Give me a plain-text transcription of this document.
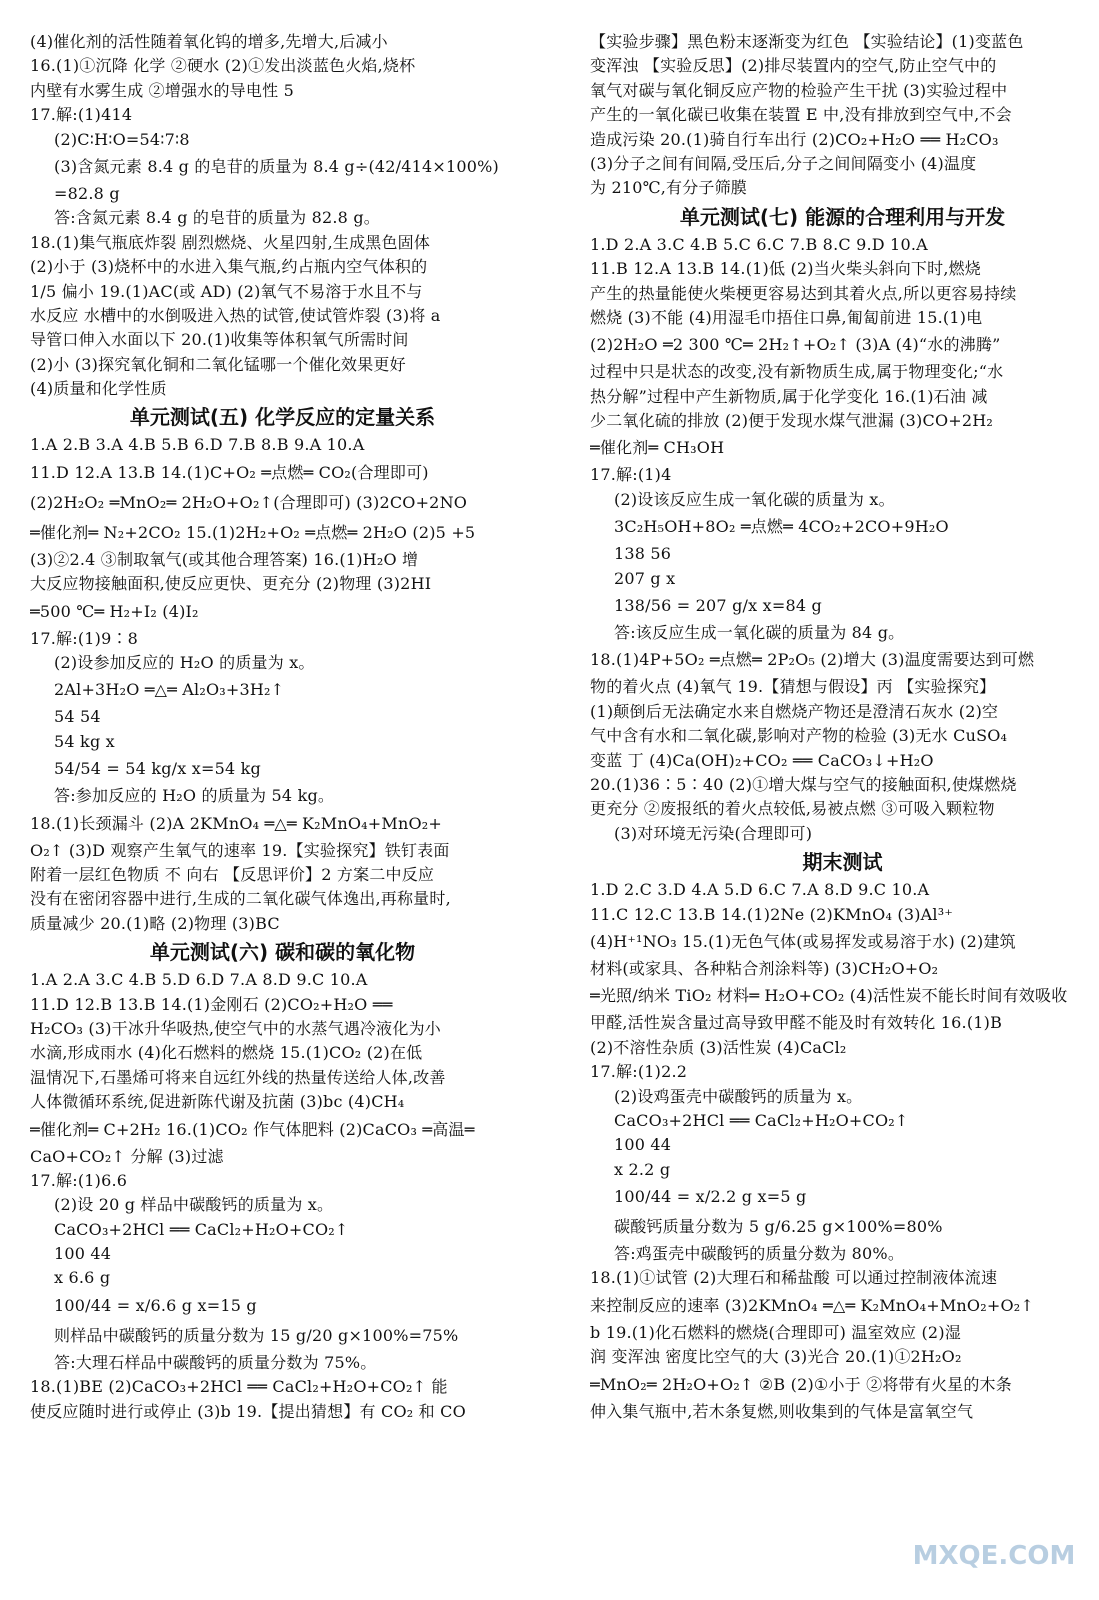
(4)催化剂的活性随着氧化钨的增多,先增大,后减小
16.(1)①沉降 化学 ②硬水 (2)①发出淡蓝色火焰,烧杯
内壁有水雾生成 ②增强水的导电性 5
17.解:(1)414
(2)C∶H∶O=54∶7∶8
(3)含氮元素 8.4 g 的皂苷的质量为 8.4 g÷(42/414×100%)
=82.8 g
答:含氮元素 8.4 g 的皂苷的质量为 82.8 g。
18.(1)集气瓶底炸裂 剧烈燃烧、火星四射,生成黑色固体
(2)小于 (3)烧杯中的水进入集气瓶,约占瓶内空气体积的
1/5 偏小 19.(1)AC(或 AD) (2)氧气不易溶于水且不与
水反应 水槽中的水倒吸进入热的试管,使试管炸裂 (3)将 a
导管口伸入水面以下 20.(1)收集等体积氧气所需时间
(2)小 (3)探究氧化铜和二氧化锰哪一个催化效果更好
(4)质量和化学性质
单元测试(五) 化学反应的定量关系
1.A 2.B 3.A 4.B 5.B 6.D 7.B 8.B 9.A 10.A
11.D 12.A 13.B 14.(1)C+O₂ ═点燃═ CO₂(合理即可)
(2)2H₂O₂ ═MnO₂═ 2H₂O+O₂↑(合理即可) (3)2CO+2NO
═催化剂═ N₂+2CO₂ 15.(1)2H₂+O₂ ═点燃═ 2H₂O (2)5 +5
(3)②2.4 ③制取氧气(或其他合理答案) 16.(1)H₂O 增
大反应物接触面积,使反应更快、更充分 (2)物理 (3)2HI
═500 ℃═ H₂+I₂ (4)I₂
17.解:(1)9∶8
(2)设参加反应的 H₂O 的质量为 x。
2Al+3H₂O ═△═ Al₂O₃+3H₂↑
54 54
54 kg x
54/54 = 54 kg/x x=54 kg
答:参加反应的 H₂O 的质量为 54 kg。
18.(1)长颈漏斗 (2)A 2KMnO₄ ═△═ K₂MnO₄+MnO₂+
O₂↑ (3)D 观察产生氧气的速率 19.【实验探究】铁钉表面
附着一层红色物质 不 向右 【反思评价】2 方案二中反应
没有在密闭容器中进行,生成的二氧化碳气体逸出,再称量时,
质量减少 20.(1)略 (2)物理 (3)BC
单元测试(六) 碳和碳的氧化物
1.A 2.A 3.C 4.B 5.D 6.D 7.A 8.D 9.C 10.A
11.D 12.B 13.B 14.(1)金刚石 (2)CO₂+H₂O ══
H₂CO₃ (3)干冰升华吸热,使空气中的水蒸气遇冷液化为小
水滴,形成雨水 (4)化石燃料的燃烧 15.(1)CO₂ (2)在低
温情况下,石墨烯可将来自远红外线的热量传送给人体,改善
人体微循环系统,促进新陈代谢及抗菌 (3)bc (4)CH₄
═催化剂═ C+2H₂ 16.(1)CO₂ 作气体肥料 (2)CaCO₃ ═高温═
CaO+CO₂↑ 分解 (3)过滤
17.解:(1)6.6
(2)设 20 g 样品中碳酸钙的质量为 x。
CaCO₃+2HCl ══ CaCl₂+H₂O+CO₂↑
100 44
x 6.6 g
100/44 = x/6.6 g x=15 g
则样品中碳酸钙的质量分数为 15 g/20 g×100%=75%
答:大理石样品中碳酸钙的质量分数为 75%。
18.(1)BE (2)CaCO₃+2HCl ══ CaCl₂+H₂O+CO₂↑ 能
使反应随时进行或停止 (3)b 19.【提出猜想】有 CO₂ 和 CO
【实验步骤】黑色粉末逐渐变为红色 【实验结论】(1)变蓝色
变浑浊 【实验反思】(2)排尽装置内的空气,防止空气中的
氧气对碳与氧化铜反应产物的检验产生干扰 (3)实验过程中
产生的一氧化碳已收集在装置 E 中,没有排放到空气中,不会
造成污染 20.(1)骑自行车出行 (2)CO₂+H₂O ══ H₂CO₃
(3)分子之间有间隔,受压后,分子之间间隔变小 (4)温度
为 210℃,有分子筛膜
单元测试(七) 能源的合理利用与开发
1.D 2.A 3.C 4.B 5.C 6.C 7.B 8.C 9.D 10.A
11.B 12.A 13.B 14.(1)低 (2)当火柴头斜向下时,燃烧
产生的热量能使火柴梗更容易达到其着火点,所以更容易持续
燃烧 (3)不能 (4)用湿毛巾捂住口鼻,匍匐前进 15.(1)电
(2)2H₂O ═2 300 ℃═ 2H₂↑+O₂↑ (3)A (4)“水的沸腾”
过程中只是状态的改变,没有新物质生成,属于物理变化;“水
热分解”过程中产生新物质,属于化学变化 16.(1)石油 减
少二氧化硫的排放 (2)便于发现水煤气泄漏 (3)CO+2H₂
═催化剂═ CH₃OH
17.解:(1)4
(2)设该反应生成一氧化碳的质量为 x。
3C₂H₅OH+8O₂ ═点燃═ 4CO₂+2CO+9H₂O
138 56
207 g x
138/56 = 207 g/x x=84 g
答:该反应生成一氧化碳的质量为 84 g。
18.(1)4P+5O₂ ═点燃═ 2P₂O₅ (2)增大 (3)温度需要达到可燃
物的着火点 (4)氧气 19.【猜想与假设】丙 【实验探究】
(1)颠倒后无法确定水来自燃烧产物还是澄清石灰水 (2)空
气中含有水和二氧化碳,影响对产物的检验 (3)无水 CuSO₄
变蓝 丁 (4)Ca(OH)₂+CO₂ ══ CaCO₃↓+H₂O
20.(1)36∶5∶40 (2)①增大煤与空气的接触面积,使煤燃烧
更充分 ②废报纸的着火点较低,易被点燃 ③可吸入颗粒物
(3)对环境无污染(合理即可)
期末测试
1.D 2.C 3.D 4.A 5.D 6.C 7.A 8.D 9.C 10.A
11.C 12.C 13.B 14.(1)2Ne (2)KMnO₄ (3)Al³⁺
(4)H⁺¹NO₃ 15.(1)无色气体(或易挥发或易溶于水) (2)建筑
材料(或家具、各种粘合剂涂料等) (3)CH₂O+O₂
═光照/纳米 TiO₂ 材料═ H₂O+CO₂ (4)活性炭不能长时间有效吸收
甲醛,活性炭含量过高导致甲醛不能及时有效转化 16.(1)B
(2)不溶性杂质 (3)活性炭 (4)CaCl₂
17.解:(1)2.2
(2)设鸡蛋壳中碳酸钙的质量为 x。
CaCO₃+2HCl ══ CaCl₂+H₂O+CO₂↑
100 44
x 2.2 g
100/44 = x/2.2 g x=5 g
碳酸钙质量分数为 5 g/6.25 g×100%=80%
答:鸡蛋壳中碳酸钙的质量分数为 80%。
18.(1)①试管 (2)大理石和稀盐酸 可以通过控制液体流速
来控制反应的速率 (3)2KMnO₄ ═△═ K₂MnO₄+MnO₂+O₂↑
b 19.(1)化石燃料的燃烧(合理即可) 温室效应 (2)湿
润 变浑浊 密度比空气的大 (3)光合 20.(1)①2H₂O₂
═MnO₂═ 2H₂O+O₂↑ ②B (2)①小于 ②将带有火星的木条
伸入集气瓶中,若木条复燃,则收集到的气体是富氧空气
MXQE.COM
